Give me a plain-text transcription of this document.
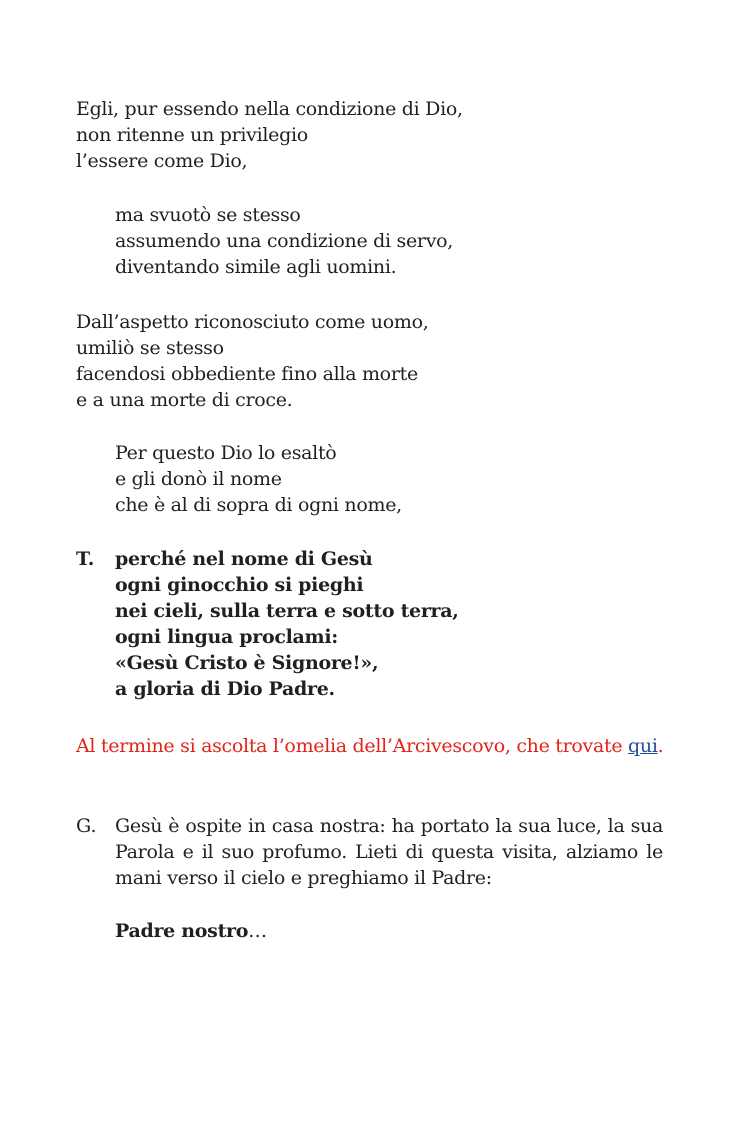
Egli, pur essendo nella condizione di Dio,
non ritenne un privilegio
l’essere come Dio,
ma svuotò se stesso
assumendo una condizione di servo,
diventando simile agli uomini.
Dall’aspetto riconosciuto come uomo,
umiliò se stesso
facendosi obbediente fino alla morte
e a una morte di croce.
Per questo Dio lo esaltò
e gli donò il nome
che è al di sopra di ogni nome,
T. perché nel nome di Gesù
ogni ginocchio si pieghi
nei cieli, sulla terra e sotto terra,
ogni lingua proclami:
«Gesù Cristo è Signore!»,
a gloria di Dio Padre.
Al termine si ascolta l’omelia dell’Arcivescovo, che trovate qui.
G. Gesù è ospite in casa nostra: ha portato la sua luce, la sua Parola e il suo profumo. Lieti di questa visita, alziamo le mani verso il cielo e preghiamo il Padre:
Padre nostro…
